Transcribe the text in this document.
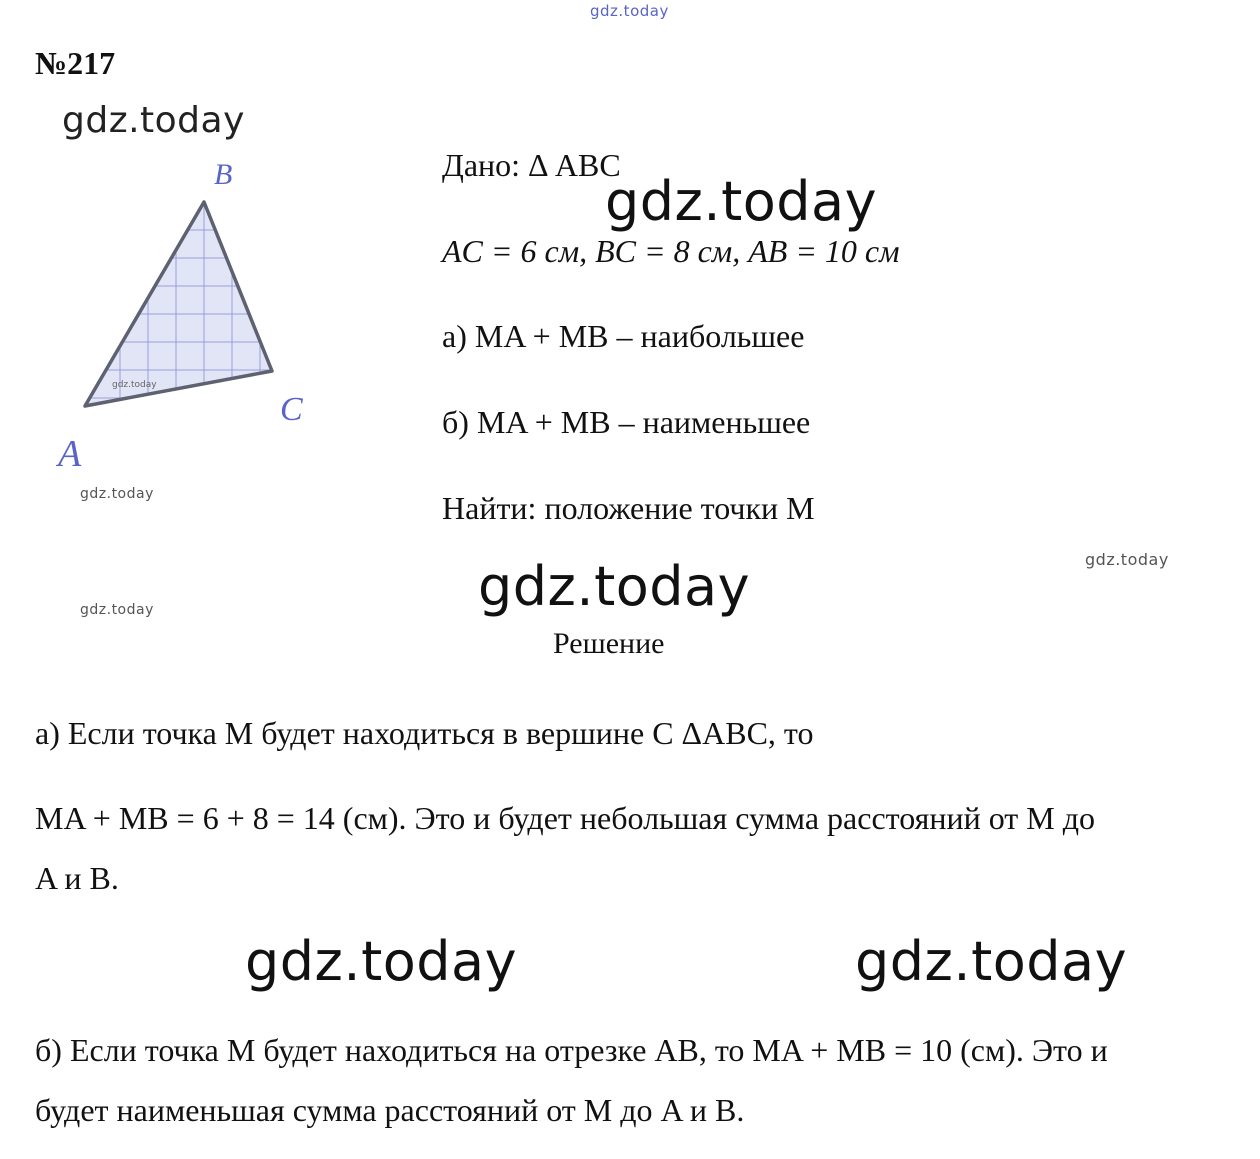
gdz.today
№217
gdz.today
gdz.today
gdz.today
gdz.today
B
C
A
Дано: Δ ABC
gdz.today
AC = 6 см, BC = 8 см, AB = 10 см
а) MA + MB – наибольшее
б) MA + MB – наименьшее
Найти: положение точки M
gdz.today
gdz.today
Решение
а) Если точка M будет находиться в вершине C ΔABC, то
MA + MB = 6 + 8 = 14 (см). Это и будет небольшая сумма расстояний от M до
A и B.
gdz.today	gdz.today
б) Если точка M будет находиться на отрезке AB, то MA + MB = 10 (см). Это и
будет наименьшая сумма расстояний от M до A и B.
